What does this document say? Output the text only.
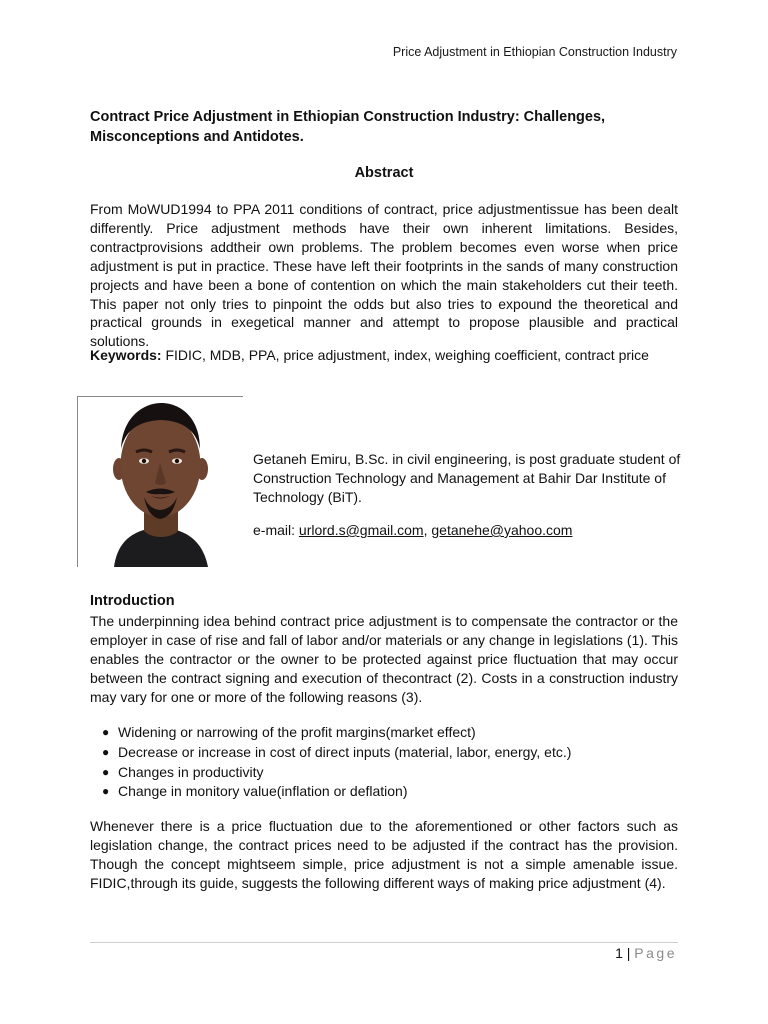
Price Adjustment in Ethiopian Construction Industry
Contract Price Adjustment in Ethiopian Construction Industry: Challenges, Misconceptions and Antidotes.
Abstract

From MoWUD1994 to PPA 2011 conditions of contract, price adjustmentissue has been dealt differently. Price adjustment methods have their own inherent limitations. Besides, contractprovisions addtheir own problems. The problem becomes even worse when price adjustment is put in practice. These have left their footprints in the sands of many construction projects and have been a bone of contention on which the main stakeholders cut their teeth. This paper not only tries to pinpoint the odds but also tries to expound the theoretical and practical grounds in exegetical manner and attempt to propose plausible and practical solutions.

Keywords: FIDIC, MDB, PPA, price adjustment, index, weighing coefficient, contract price
Getaneh Emiru, B.Sc. in civil engineering, is post graduate student of Construction Technology and Management at Bahir Dar Institute of Technology (BiT).
e-mail: urlord.s@gmail.com, getanehe@yahoo.com
Introduction

The underpinning idea behind contract price adjustment is to compensate the contractor or the employer in case of rise and fall of labor and/or materials or any change in legislations (1). This enables the contractor or the owner to be protected against price fluctuation that may occur between the contract signing and execution of thecontract (2). Costs in a construction industry may vary for one or more of the following reasons (3).

● Widening or narrowing of the profit margins(market effect)
● Decrease or increase in cost of direct inputs (material, labor, energy, etc.)
● Changes in productivity
● Change in monitory value(inflation or deflation)

Whenever there is a price fluctuation due to the aforementioned or other factors such as legislation change, the contract prices need to be adjusted if the contract has the provision. Though the concept mightseem simple, price adjustment is not a simple amenable issue. FIDIC,through its guide, suggests the following different ways of making price adjustment (4).

1 | Page
